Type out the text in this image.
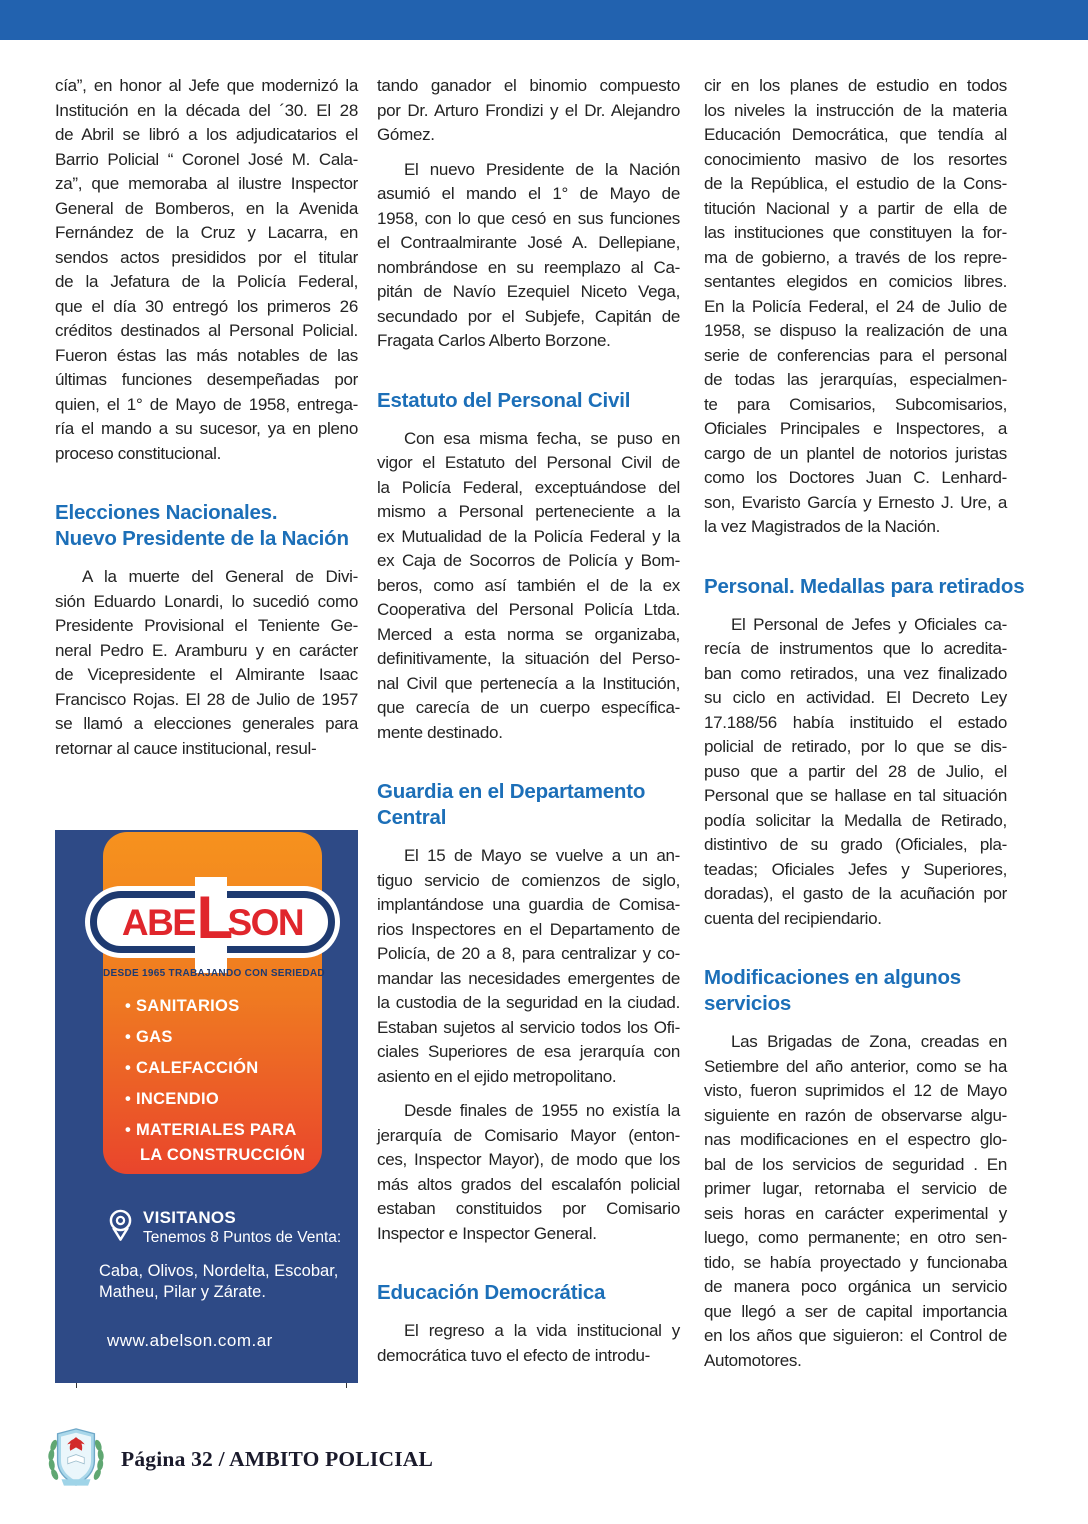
cía”, en honor al Jefe que modernizó la
Institución en la década del ´30. El 28
de Abril se libró a los adjudicatarios el
Barrio Policial “ Coronel José M. Cala-
za”, que memoraba al ilustre Inspector
General de Bomberos, en la Avenida
Fernández de la Cruz y Lacarra, en
sendos actos presididos por el titular
de la Jefatura de la Policía Federal,
que el día 30 entregó los primeros 26
créditos destinados al Personal Policial.
Fueron éstas las más notables de las
últimas funciones desempeñadas por
quien, el 1° de Mayo de 1958, entrega-
ría el mando a su sucesor, ya en pleno
proceso constitucional.
Elecciones Nacionales.
Nuevo Presidente de la Nación
A la muerte del General de Divi-
sión Eduardo Lonardi, lo sucedió como
Presidente Provisional el Teniente Ge-
neral Pedro E. Aramburu y en carácter
de Vicepresidente el Almirante Isaac
Francisco Rojas. El 28 de Julio de 1957
se llamó a elecciones generales para
retornar al cauce institucional, resul-
tando ganador el binomio compuesto
por Dr. Arturo Frondizi y el Dr. Alejandro
Gómez.
El nuevo Presidente de la Nación
asumió el mando el 1° de Mayo de
1958, con lo que cesó en sus funciones
el Contraalmirante José A. Dellepiane,
nombrándose en su reemplazo al Ca-
pitán de Navío Ezequiel Niceto Vega,
secundado por el Subjefe, Capitán de
Fragata Carlos Alberto Borzone.
Estatuto del Personal Civil
Con esa misma fecha, se puso en
vigor el Estatuto del Personal Civil de
la Policía Federal, exceptuándose del
mismo a Personal perteneciente a la
ex Mutualidad de la Policía Federal y la
ex Caja de Socorros de Policía y Bom-
beros, como así también el de la ex
Cooperativa del Personal Policía Ltda.
Merced a esta norma se organizaba,
definitivamente, la situación del Perso-
nal Civil que pertenecía a la Institución,
que carecía de un cuerpo específica-
mente destinado.
Guardia en el Departamento
Central
El 15 de Mayo se vuelve a un an-
tiguo servicio de comienzos de siglo,
implantándose una guardia de Comisa-
rios Inspectores en el Departamento de
Policía, de 20 a 8, para centralizar y co-
mandar las necesidades emergentes de
la custodia de la seguridad en la ciudad.
Estaban sujetos al servicio todos los Ofi-
ciales Superiores de esa jerarquía con
asiento en el ejido metropolitano.
Desde finales de 1955 no existía la
jerarquía de Comisario Mayor (enton-
ces, Inspector Mayor), de modo que los
más altos grados del escalafón policial
estaban constituidos por Comisario
Inspector e Inspector General.
Educación Democrática
El regreso a la vida institucional y
democrática tuvo el efecto de introdu-
cir en los planes de estudio en todos
los niveles la instrucción de la materia
Educación Democrática, que tendía al
conocimiento masivo de los resortes
de la República, el estudio de la Cons-
titución Nacional y a partir de ella de
las instituciones que constituyen la for-
ma de gobierno, a través de los repre-
sentantes elegidos en comicios libres.
En la Policía Federal, el 24 de Julio de
1958, se dispuso la realización de una
serie de conferencias para el personal
de todas las jerarquías, especialmen-
te para Comisarios, Subcomisarios,
Oficiales Principales e Inspectores, a
cargo de un plantel de notorios juristas
como los Doctores Juan C. Lenhard-
son, Evaristo García y Ernesto J. Ure, a
la vez Magistrados de la Nación.
Personal. Medallas para retirados
El Personal de Jefes y Oficiales ca-
recía de instrumentos que lo acredita-
ban como retirados, una vez finalizado
su ciclo en actividad. El Decreto Ley
17.188/56 había instituido el estado
policial de retirado, por lo que se dis-
puso que a partir del 28 de Julio, el
Personal que se hallase en tal situación
podía solicitar la Medalla de Retirado,
distintivo de su grado (Oficiales, pla-
teadas; Oficiales Jefes y Superiores,
doradas), el gasto de la acuñación por
cuenta del recipiendario.
Modificaciones en algunos
servicios
Las Brigadas de Zona, creadas en
Setiembre del año anterior, como se ha
visto, fueron suprimidos el 12 de Mayo
siguiente en razón de observarse algu-
nas modificaciones en el espectro glo-
bal de los servicios de seguridad . En
primer lugar, retornaba el servicio de
seis horas en carácter experimental y
luego, como permanente; en otro sen-
tido, se había proyectado y funcionaba
de manera poco orgánica un servicio
que llegó a ser de capital importancia
en los años que siguieron: el Control de
Automotores.
ABE L
SON
DESDE 1965 TRABAJANDO CON SERIEDAD
• SANITARIOS
• GAS
• CALEFACCIÓN
• INCENDIO
• MATERIALES PARA LA CONSTRUCCIÓN
VISITANOS
Tenemos 8 Puntos de Venta:
Caba, Olivos, Nordelta, Escobar, Matheu, Pilar y Zárate.
www.abelson.com.ar
Página 32 / AMBITO POLICIAL
